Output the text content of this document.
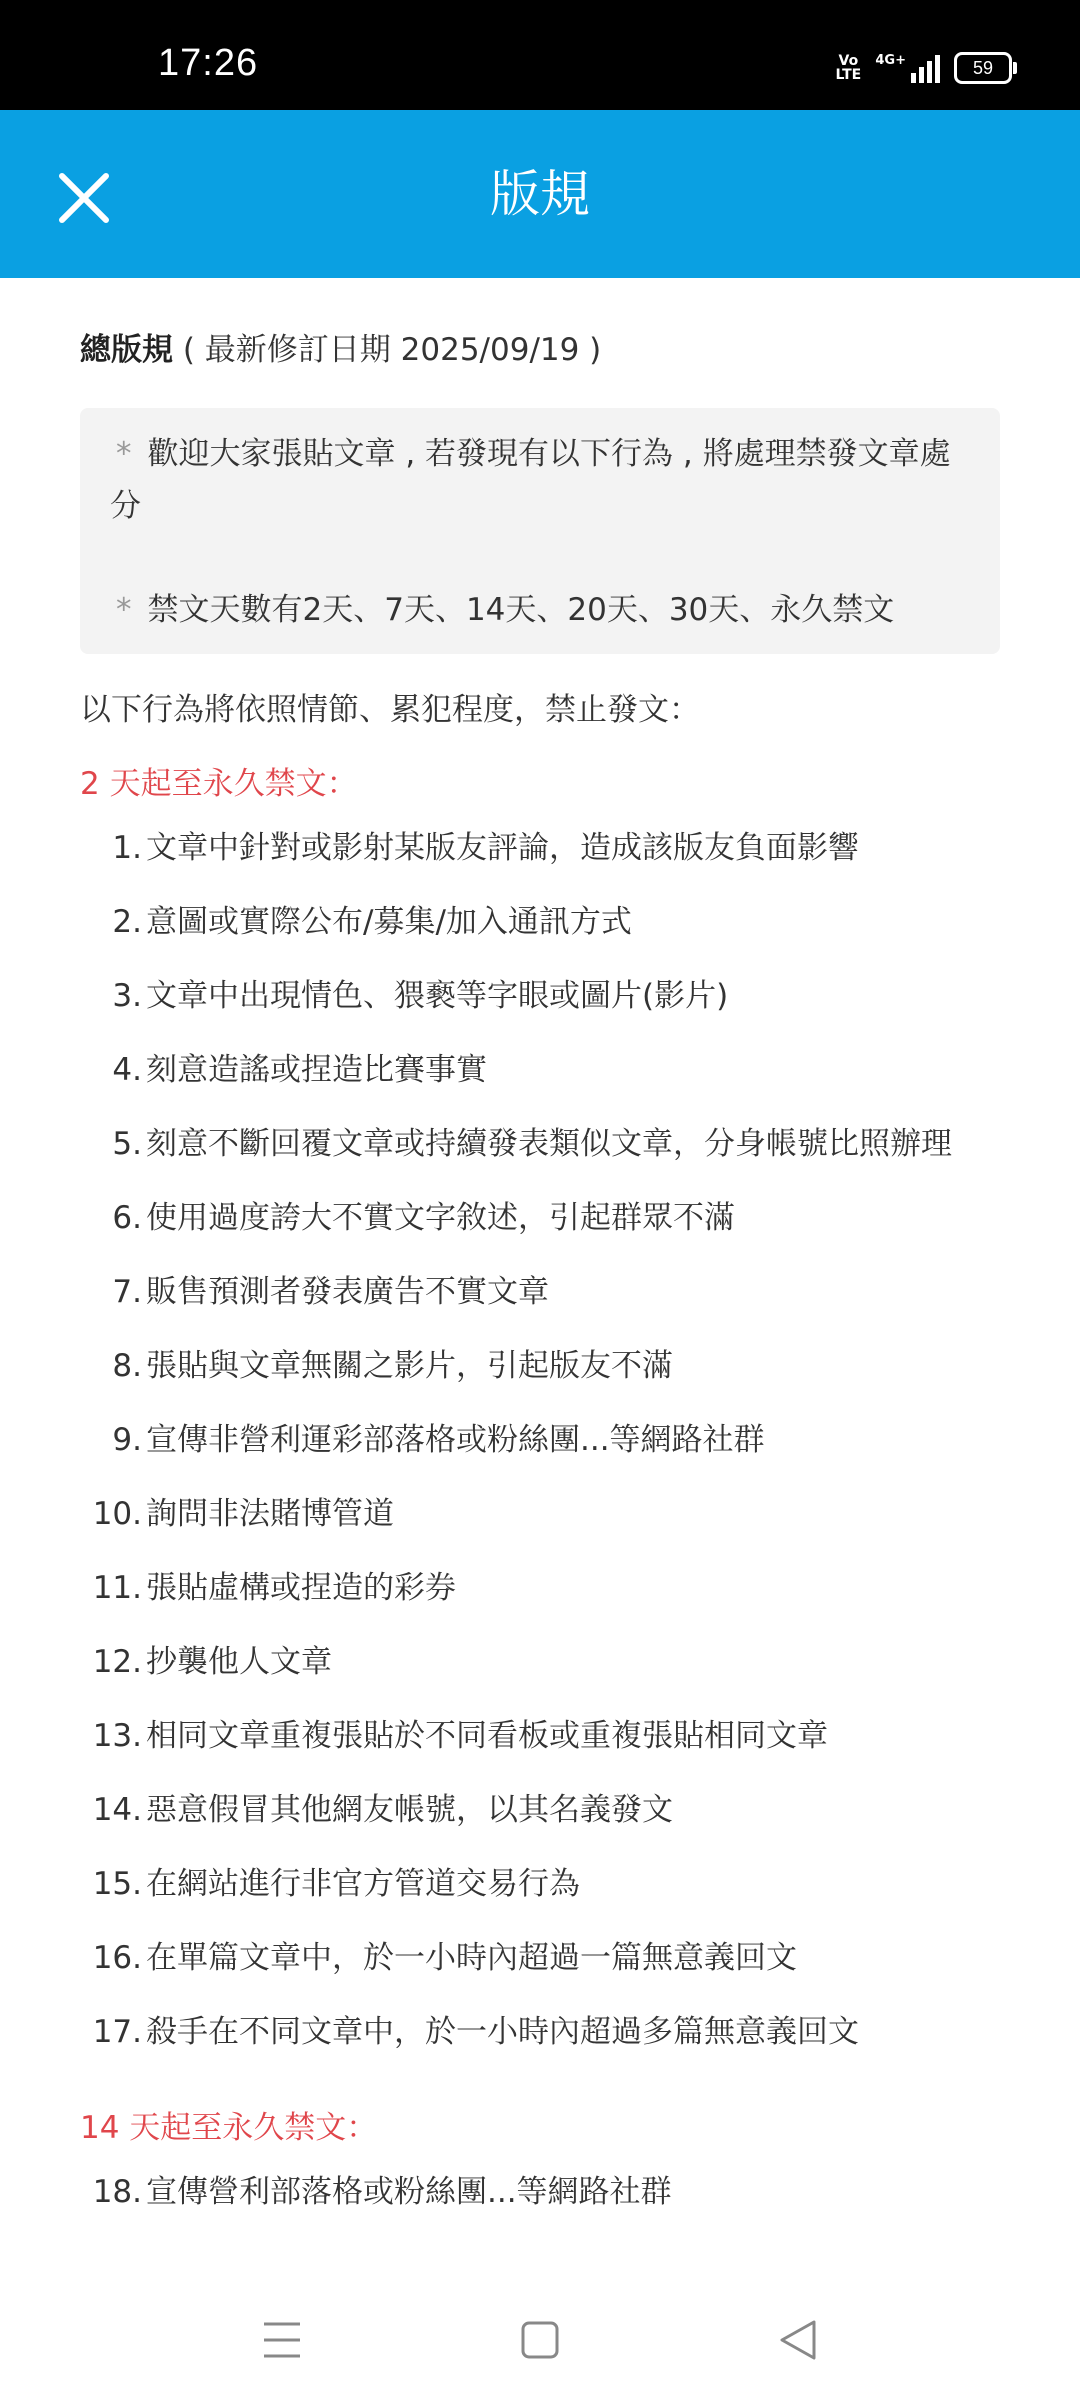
17:26	Vo
LTE
4G+	59
版規
總版規 ( 最新修訂日期 2025/09/19 )

* 歡迎大家張貼文章 , 若發現有以下行為 , 將處理禁發文章處分

* 禁文天數有2天、7天、14天、20天、30天、永久禁文

以下行為將依照情節、累犯程度，禁止發文：
2 天起至永久禁文：
1. 文章中針對或影射某版友評論，造成該版友負面影響
2. 意圖或實際公布/募集/加入通訊方式
3. 文章中出現情色、猥褻等字眼或圖片(影片)
4. 刻意造謠或捏造比賽事實
5. 刻意不斷回覆文章或持續發表類似文章，分身帳號比照辦理
6. 使用過度誇大不實文字敘述，引起群眾不滿
7. 販售預測者發表廣告不實文章
8. 張貼與文章無關之影片，引起版友不滿
9. 宣傳非營利運彩部落格或粉絲團...等網路社群
10. 詢問非法賭博管道
11. 張貼虛構或捏造的彩券
12. 抄襲他人文章
13. 相同文章重複張貼於不同看板或重複張貼相同文章
14. 惡意假冒其他網友帳號，以其名義發文
15. 在網站進行非官方管道交易行為
16. 在單篇文章中，於一小時內超過一篇無意義回文
17. 殺手在不同文章中，於一小時內超過多篇無意義回文
14 天起至永久禁文：
18. 宣傳營利部落格或粉絲團...等網路社群
